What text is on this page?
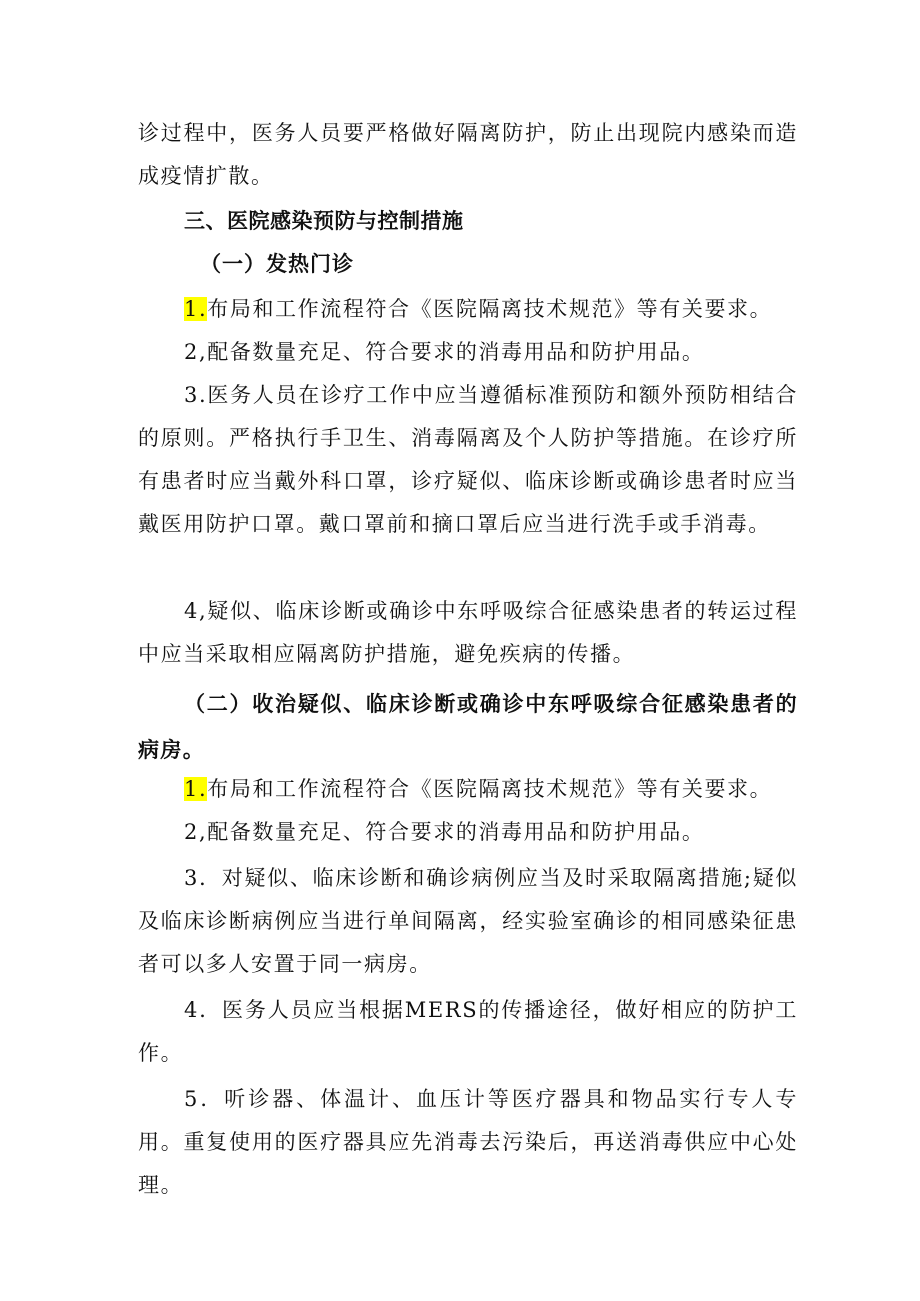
诊过程中，医务人员要严格做好隔离防护，防止出现院内感染而造成疫情扩散。

三、医院感染预防与控制措施

（一）发热门诊

1.布局和工作流程符合《医院隔离技术规范》等有关要求。

2,配备数量充足、符合要求的消毒用品和防护用品。

3.医务人员在诊疗工作中应当遵循标准预防和额外预防相结合的原则。严格执行手卫生、消毒隔离及个人防护等措施。在诊疗所有患者时应当戴外科口罩，诊疗疑似、临床诊断或确诊患者时应当戴医用防护口罩。戴口罩前和摘口罩后应当进行洗手或手消毒。

4,疑似、临床诊断或确诊中东呼吸综合征感染患者的转运过程中应当采取相应隔离防护措施，避免疾病的传播。

（二）收治疑似、临床诊断或确诊中东呼吸综合征感染患者的病房。

1.布局和工作流程符合《医院隔离技术规范》等有关要求。

2,配备数量充足、符合要求的消毒用品和防护用品。

3．对疑似、临床诊断和确诊病例应当及时采取隔离措施;疑似及临床诊断病例应当进行单间隔离，经实验室确诊的相同感染征患者可以多人安置于同一病房。

4．医务人员应当根据MERS的传播途径，做好相应的防护工作。

5．听诊器、体温计、血压计等医疗器具和物品实行专人专用。重复使用的医疗器具应先消毒去污染后，再送消毒供应中心处理。
